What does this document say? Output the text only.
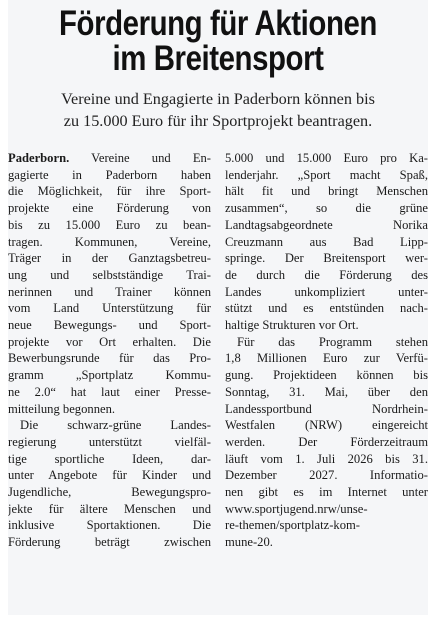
Förderung für Aktionen
im Breitensport
Vereine und Engagierte in Paderborn können bis
zu 15.000 Euro für ihr Sportprojekt beantragen.
Paderborn. Vereine und En-
gagierte in Paderborn haben
die Möglichkeit, für ihre Sport-
projekte eine Förderung von
bis zu 15.000 Euro zu bean-
tragen. Kommunen, Vereine,
Träger in der Ganztagsbetreu-
ung und selbstständige Trai-
nerinnen und Trainer können
vom Land Unterstützung für
neue Bewegungs- und Sport-
projekte vor Ort erhalten. Die
Bewerbungsrunde für das Pro-
gramm „Sportplatz Kommu-
ne 2.0“ hat laut einer Presse-
mitteilung begonnen.
Die schwarz-grüne Landes-
regierung unterstützt vielfäl-
tige sportliche Ideen, dar-
unter Angebote für Kinder und
Jugendliche, Bewegungspro-
jekte für ältere Menschen und
inklusive Sportaktionen. Die
Förderung beträgt zwischen
5.000 und 15.000 Euro pro Ka-
lenderjahr. „Sport macht Spaß,
hält fit und bringt Menschen
zusammen“, so die grüne
Landtagsabgeordnete Norika
Creuzmann aus Bad Lipp-
springe. Der Breitensport wer-
de durch die Förderung des
Landes unkompliziert unter-
stützt und es entstünden nach-
haltige Strukturen vor Ort.
Für das Programm stehen
1,8 Millionen Euro zur Verfü-
gung. Projektideen können bis
Sonntag, 31. Mai, über den
Landessportbund Nordrhein-
Westfalen (NRW) eingereicht
werden. Der Förderzeitraum
läuft vom 1. Juli 2026 bis 31.
Dezember 2027. Informatio-
nen gibt es im Internet unter
www.sportjugend.nrw/unse-
re-themen/sportplatz-kom-
mune-20.
